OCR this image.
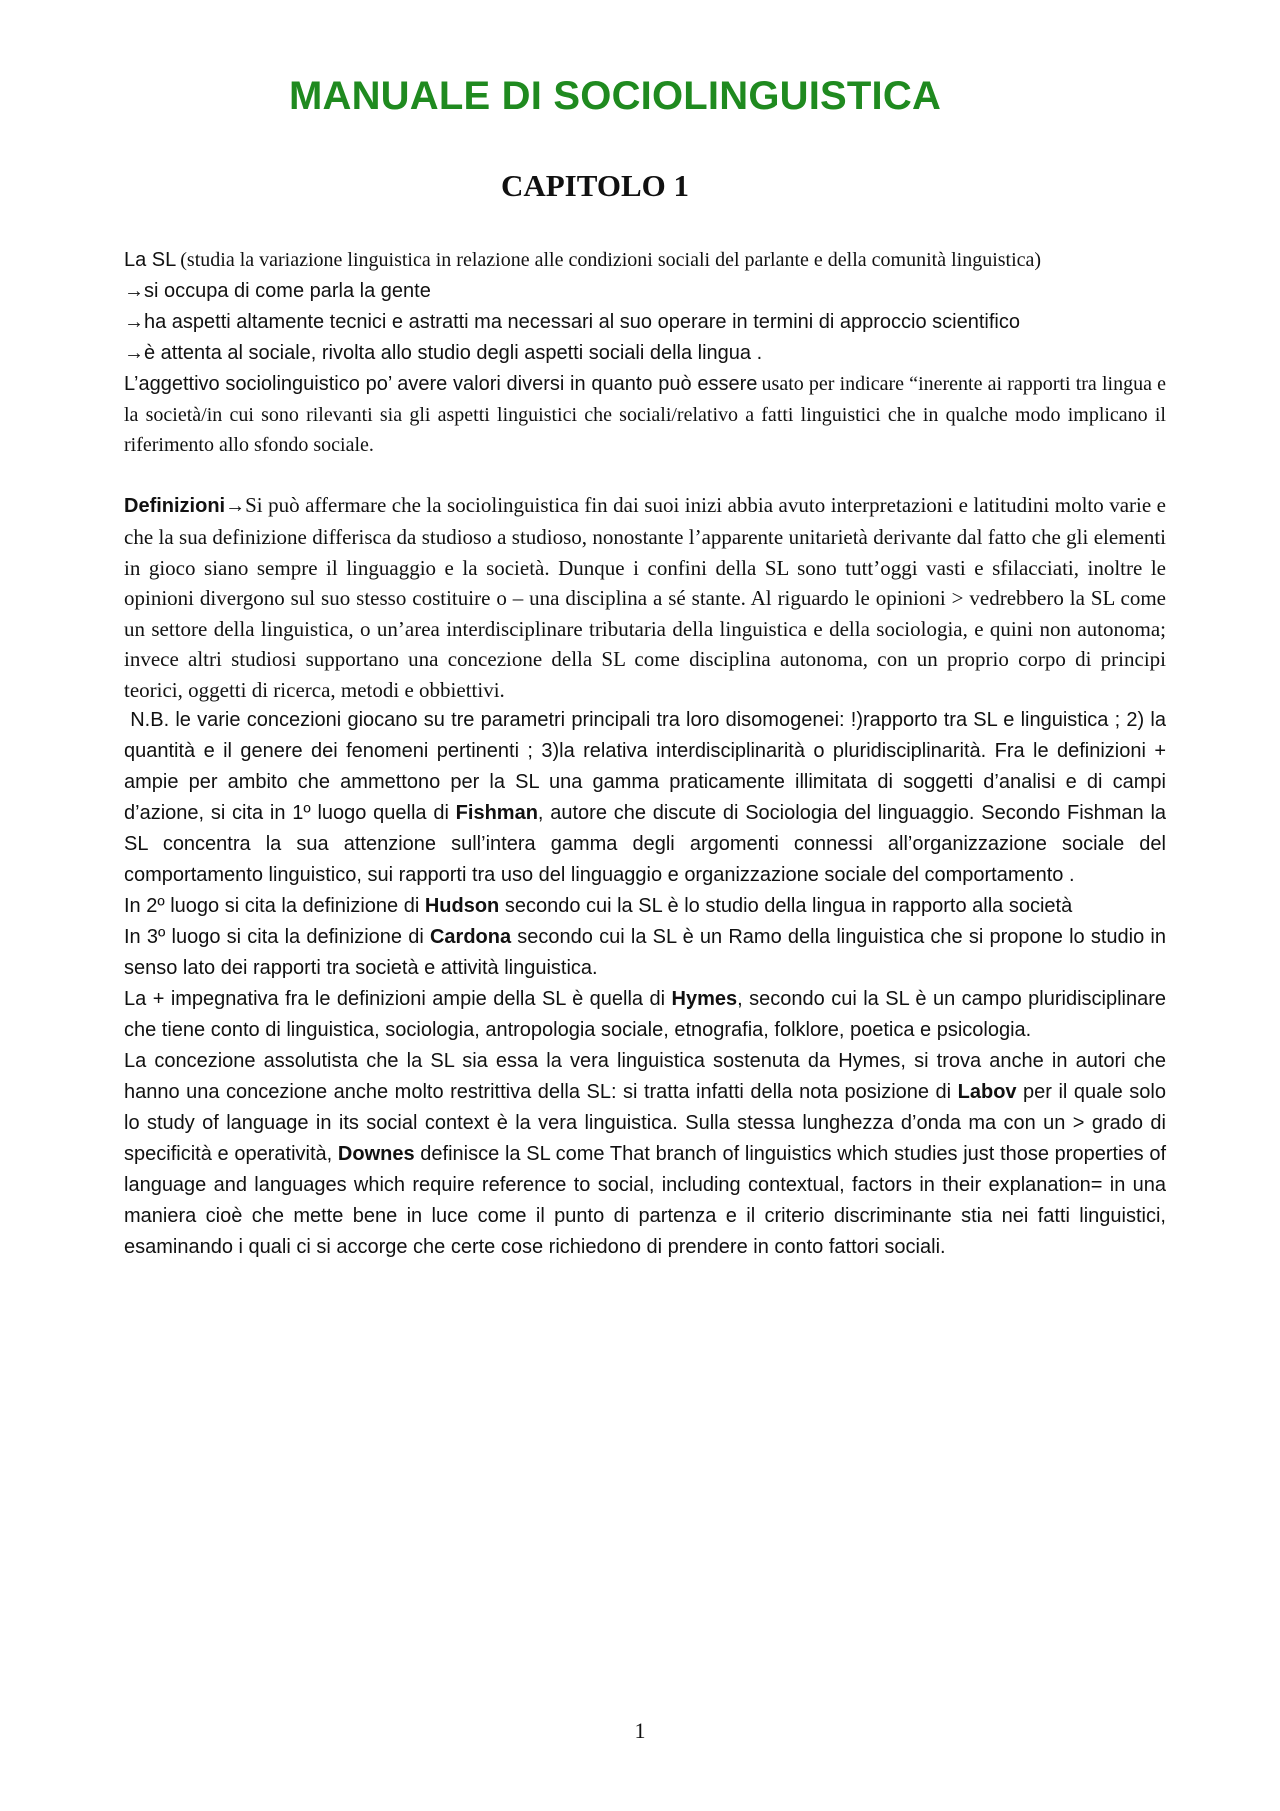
MANUALE DI SOCIOLINGUISTICA
CAPITOLO 1

La SL (studia la variazione linguistica in relazione alle condizioni sociali del parlante e della comunità linguistica)

→si occupa di come parla la gente

→ha aspetti altamente tecnici e astratti ma necessari al suo operare in termini di approccio scientifico

→è attenta al sociale, rivolta allo studio degli aspetti sociali della lingua .

L’aggettivo sociolinguistico po’ avere valori diversi in quanto può essere usato per indicare “inerente ai rapporti tra lingua e la società/in cui sono rilevanti sia gli aspetti linguistici che sociali/relativo a fatti linguistici che in qualche modo implicano il riferimento allo sfondo sociale.

Definizioni→Si può affermare che la sociolinguistica fin dai suoi inizi abbia avuto interpretazioni e latitudini molto varie e che la sua definizione differisca da studioso a studioso, nonostante l’apparente unitarietà derivante dal fatto che gli elementi in gioco siano sempre il linguaggio e la società. Dunque i confini della SL sono tutt’oggi vasti e sfilacciati, inoltre le opinioni divergono sul suo stesso costituire o – una disciplina a sé stante. Al riguardo le opinioni > vedrebbero la SL come un settore della linguistica, o un’area interdisciplinare tributaria della linguistica e della sociologia, e quini non autonoma; invece altri studiosi supportano una concezione della SL come disciplina autonoma, con un proprio corpo di principi teorici, oggetti di ricerca, metodi e obbiettivi.

N.B. le varie concezioni giocano su tre parametri principali tra loro disomogenei: !)rapporto tra SL e linguistica ; 2) la quantità e il genere dei fenomeni pertinenti ; 3)la relativa interdisciplinarità o pluridisciplinarità. Fra le definizioni + ampie per ambito che ammettono per la SL una gamma praticamente illimitata di soggetti d’analisi e di campi d’azione, si cita in 1º luogo quella di Fishman, autore che discute di Sociologia del linguaggio. Secondo Fishman la SL concentra la sua attenzione sull’intera gamma degli argomenti connessi all’organizzazione sociale del comportamento linguistico, sui rapporti tra uso del linguaggio e organizzazione sociale del comportamento .

In 2º luogo si cita la definizione di Hudson secondo cui la SL è lo studio della lingua in rapporto alla società

In 3º luogo si cita la definizione di Cardona secondo cui la SL è un Ramo della linguistica che si propone lo studio in senso lato dei rapporti tra società e attività linguistica.

La + impegnativa fra le definizioni ampie della SL è quella di Hymes, secondo cui la SL è un campo pluridisciplinare che tiene conto di linguistica, sociologia, antropologia sociale, etnografia, folklore, poetica e psicologia.

La concezione assolutista che la SL sia essa la vera linguistica sostenuta da Hymes, si trova anche in autori che hanno una concezione anche molto restrittiva della SL: si tratta infatti della nota posizione di Labov per il quale solo lo study of language in its social context è la vera linguistica. Sulla stessa lunghezza d’onda ma con un > grado di specificità e operatività, Downes definisce la SL come That branch of linguistics which studies just those properties of language and languages which require reference to social, including contextual, factors in their explanation= in una maniera cioè che mette bene in luce come il punto di partenza e il criterio discriminante stia nei fatti linguistici, esaminando i quali ci si accorge che certe cose richiedono di prendere in conto fattori sociali.

1
